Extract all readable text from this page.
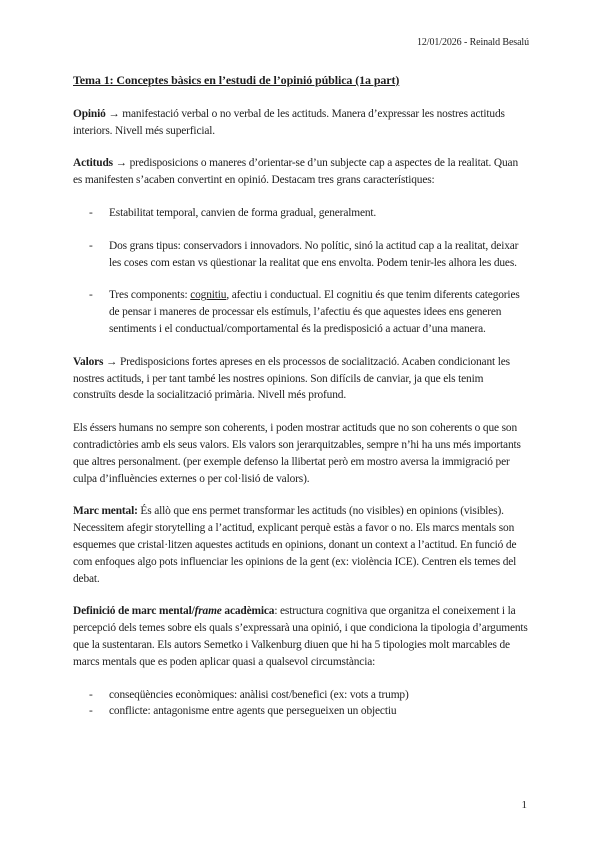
12/01/2026 - Reinald Besalú
Tema 1: Conceptes bàsics en l’estudi de l’opinió pública (1a part)

Opinió → manifestació verbal o no verbal de les actituds. Manera d’expressar les nostres actituds interiors. Nivell més superficial.

Actituds → predisposicions o maneres d’orientar-se d’un subjecte cap a aspectes de la realitat. Quan es manifesten s’acaben convertint en opinió. Destacam tres grans característiques:

- Estabilitat temporal, canvien de forma gradual, generalment.
- Dos grans tipus: conservadors i innovadors. No polític, sinó la actitud cap a la realitat, deixar les coses com estan vs qüestionar la realitat que ens envolta. Podem tenir-les alhora les dues.
- Tres components: cognitiu, afectiu i conductual. El cognitiu és que tenim diferents categories de pensar i maneres de processar els estímuls, l’afectiu és que aquestes idees ens generen sentiments i el conductual/comportamental és la predisposició a actuar d’una manera.

Valors → Predisposicions fortes apreses en els processos de socialització. Acaben condicionant les nostres actituds, i per tant també les nostres opinions. Son difícils de canviar, ja que els tenim construïts desde la socialització primària. Nivell més profund.

Els éssers humans no sempre son coherents, i poden mostrar actituds que no son coherents o que son contradictòries amb els seus valors. Els valors son jerarquitzables, sempre n’hi ha uns més importants que altres personalment. (per exemple defenso la llibertat però em mostro aversa la immigració per culpa d’influències externes o per col·lisió de valors).

Marc mental: És allò que ens permet transformar les actituds (no visibles) en opinions (visibles). Necessitem afegir storytelling a l’actitud, explicant perquè estàs a favor o no. Els marcs mentals son esquemes que cristal·litzen aquestes actituds en opinions, donant un context a l’actitud. En funció de com enfoques algo pots influenciar les opinions de la gent (ex: violència ICE). Centren els temes del debat.

Definició de marc mental/frame acadèmica: estructura cognitiva que organitza el coneixement i la percepció dels temes sobre els quals s’expressarà una opinió, i que condiciona la tipologia d’arguments que la sustentaran. Els autors Semetko i Valkenburg diuen que hi ha 5 tipologies molt marcables de marcs mentals que es poden aplicar quasi a qualsevol circumstància:

- conseqüències econòmiques: anàlisi cost/benefici (ex: vots a trump)
- conflicte: antagonisme entre agents que persegueixen un objectiu
1
